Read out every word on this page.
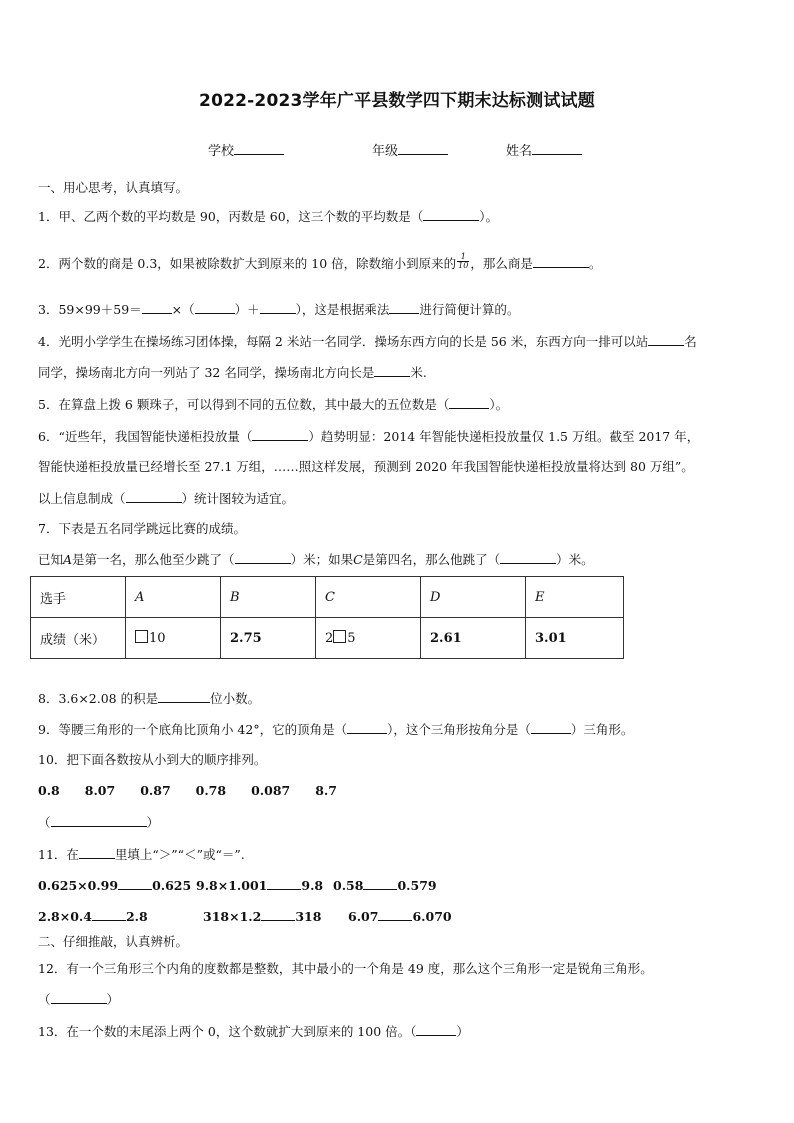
2022-2023学年广平县数学四下期末达标测试试题
学校	年级	姓名
一、用心思考，认真填写。
1．甲、乙两个数的平均数是 90，丙数是 60，这三个数的平均数是（	）。
2．两个数的商是 0.3，如果被除数扩大到原来的 10 倍，除数缩小到原来的 $\frac{1}{10}$ ，那么商是	。
3．59×99＋59＝ ×（	）＋	），这是根据乘法 进行简便计算的。
4．光明小学学生在操场练习团体操，每隔 2 米站一名同学．操场东西方向的长是 56 米，东西方向一排可以站	名
同学，操场南北方向一列站了 32 名同学，操场南北方向长是	米.
5．在算盘上拨 6 颗珠子，可以得到不同的五位数，其中最大的五位数是（	）。
6．“近些年，我国智能快递柜投放量（	）趋势明显：2014 年智能快递柜投放量仅 1.5 万组。截至 2017 年，
智能快递柜投放量已经增长至 27.1 万组，……照这样发展，预测到 2020 年我国智能快递柜投放量将达到 80 万组”。
以上信息制成（	）统计图较为适宜。
7．下表是五名同学跳远比赛的成绩。
已知A是第一名，那么他至少跳了（	）米；如果C是第四名，那么他跳了（	）米。
选手	A	B	C	D	E
成绩（米）	10	2.75	2 5	2.61	3.01
8．3.6×2.08 的积是	位小数。
9．等腰三角形的一个底角比顶角小 42°，它的顶角是（	），这个三角形按角分是（	）三角形。
10．把下面各数按从小到大的顺序排列。
0.8　　8.07　　0.87　　0.78　　0.087　　8.7
（	）
11．在	里填上“＞”“＜”或“＝”.
0.625×0.99	0.625 9.8×1.001	9.8 0.58	0.579
2.8×0.4	2.8	318×1.2	318 6.07	6.070
二、仔细推敲，认真辨析。
12．有一个三角形三个内角的度数都是整数，其中最小的一个角是 49 度，那么这个三角形一定是锐角三角形。
（	）
13．在一个数的末尾添上两个 0，这个数就扩大到原来的 100 倍。（	）
